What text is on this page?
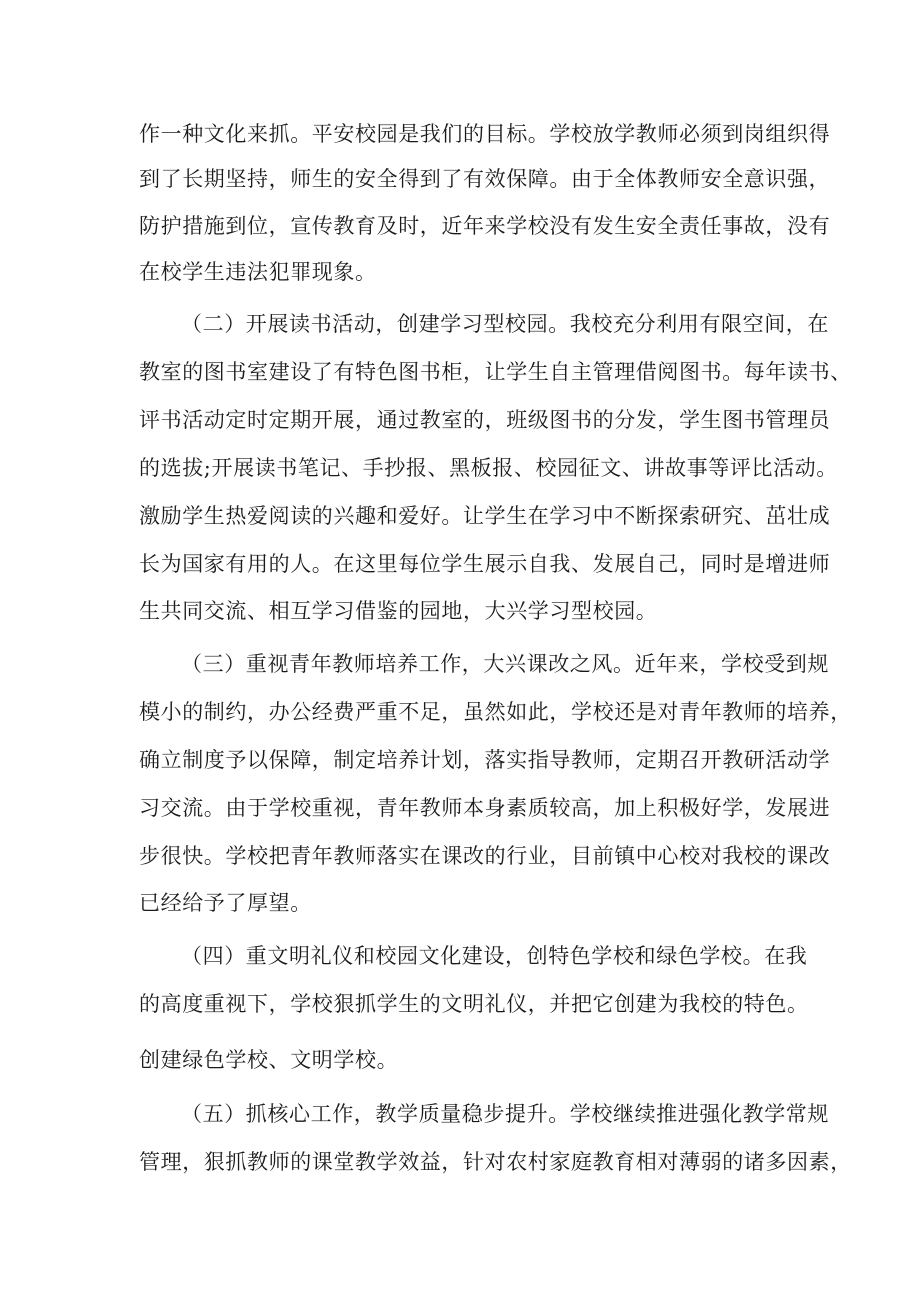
作一种文化来抓。平安校园是我们的目标。学校放学教师必须到岗组织得
到了长期坚持，师生的安全得到了有效保障。由于全体教师安全意识强，
防护措施到位，宣传教育及时，近年来学校没有发生安全责任事故，没有
在校学生违法犯罪现象。
（二）开展读书活动，创建学习型校园。我校充分利用有限空间，在
教室的图书室建设了有特色图书柜，让学生自主管理借阅图书。每年读书、
评书活动定时定期开展，通过教室的，班级图书的分发，学生图书管理员
的选拔;开展读书笔记、手抄报、黑板报、校园征文、讲故事等评比活动。
激励学生热爱阅读的兴趣和爱好。让学生在学习中不断探索研究、茁壮成
长为国家有用的人。在这里每位学生展示自我、发展自己，同时是增进师
生共同交流、相互学习借鉴的园地，大兴学习型校园。
（三）重视青年教师培养工作，大兴课改之风。近年来，学校受到规
模小的制约，办公经费严重不足，虽然如此，学校还是对青年教师的培养，
确立制度予以保障，制定培养计划，落实指导教师，定期召开教研活动学
习交流。由于学校重视，青年教师本身素质较高，加上积极好学，发展进
步很快。学校把青年教师落实在课改的行业，目前镇中心校对我校的课改
已经给予了厚望。
（四）重文明礼仪和校园文化建设，创特色学校和绿色学校。在我
的高度重视下，学校狠抓学生的文明礼仪，并把它创建为我校的特色。
创建绿色学校、文明学校。
（五）抓核心工作，教学质量稳步提升。学校继续推进强化教学常规
管理，狠抓教师的课堂教学效益，针对农村家庭教育相对薄弱的诸多因素，
